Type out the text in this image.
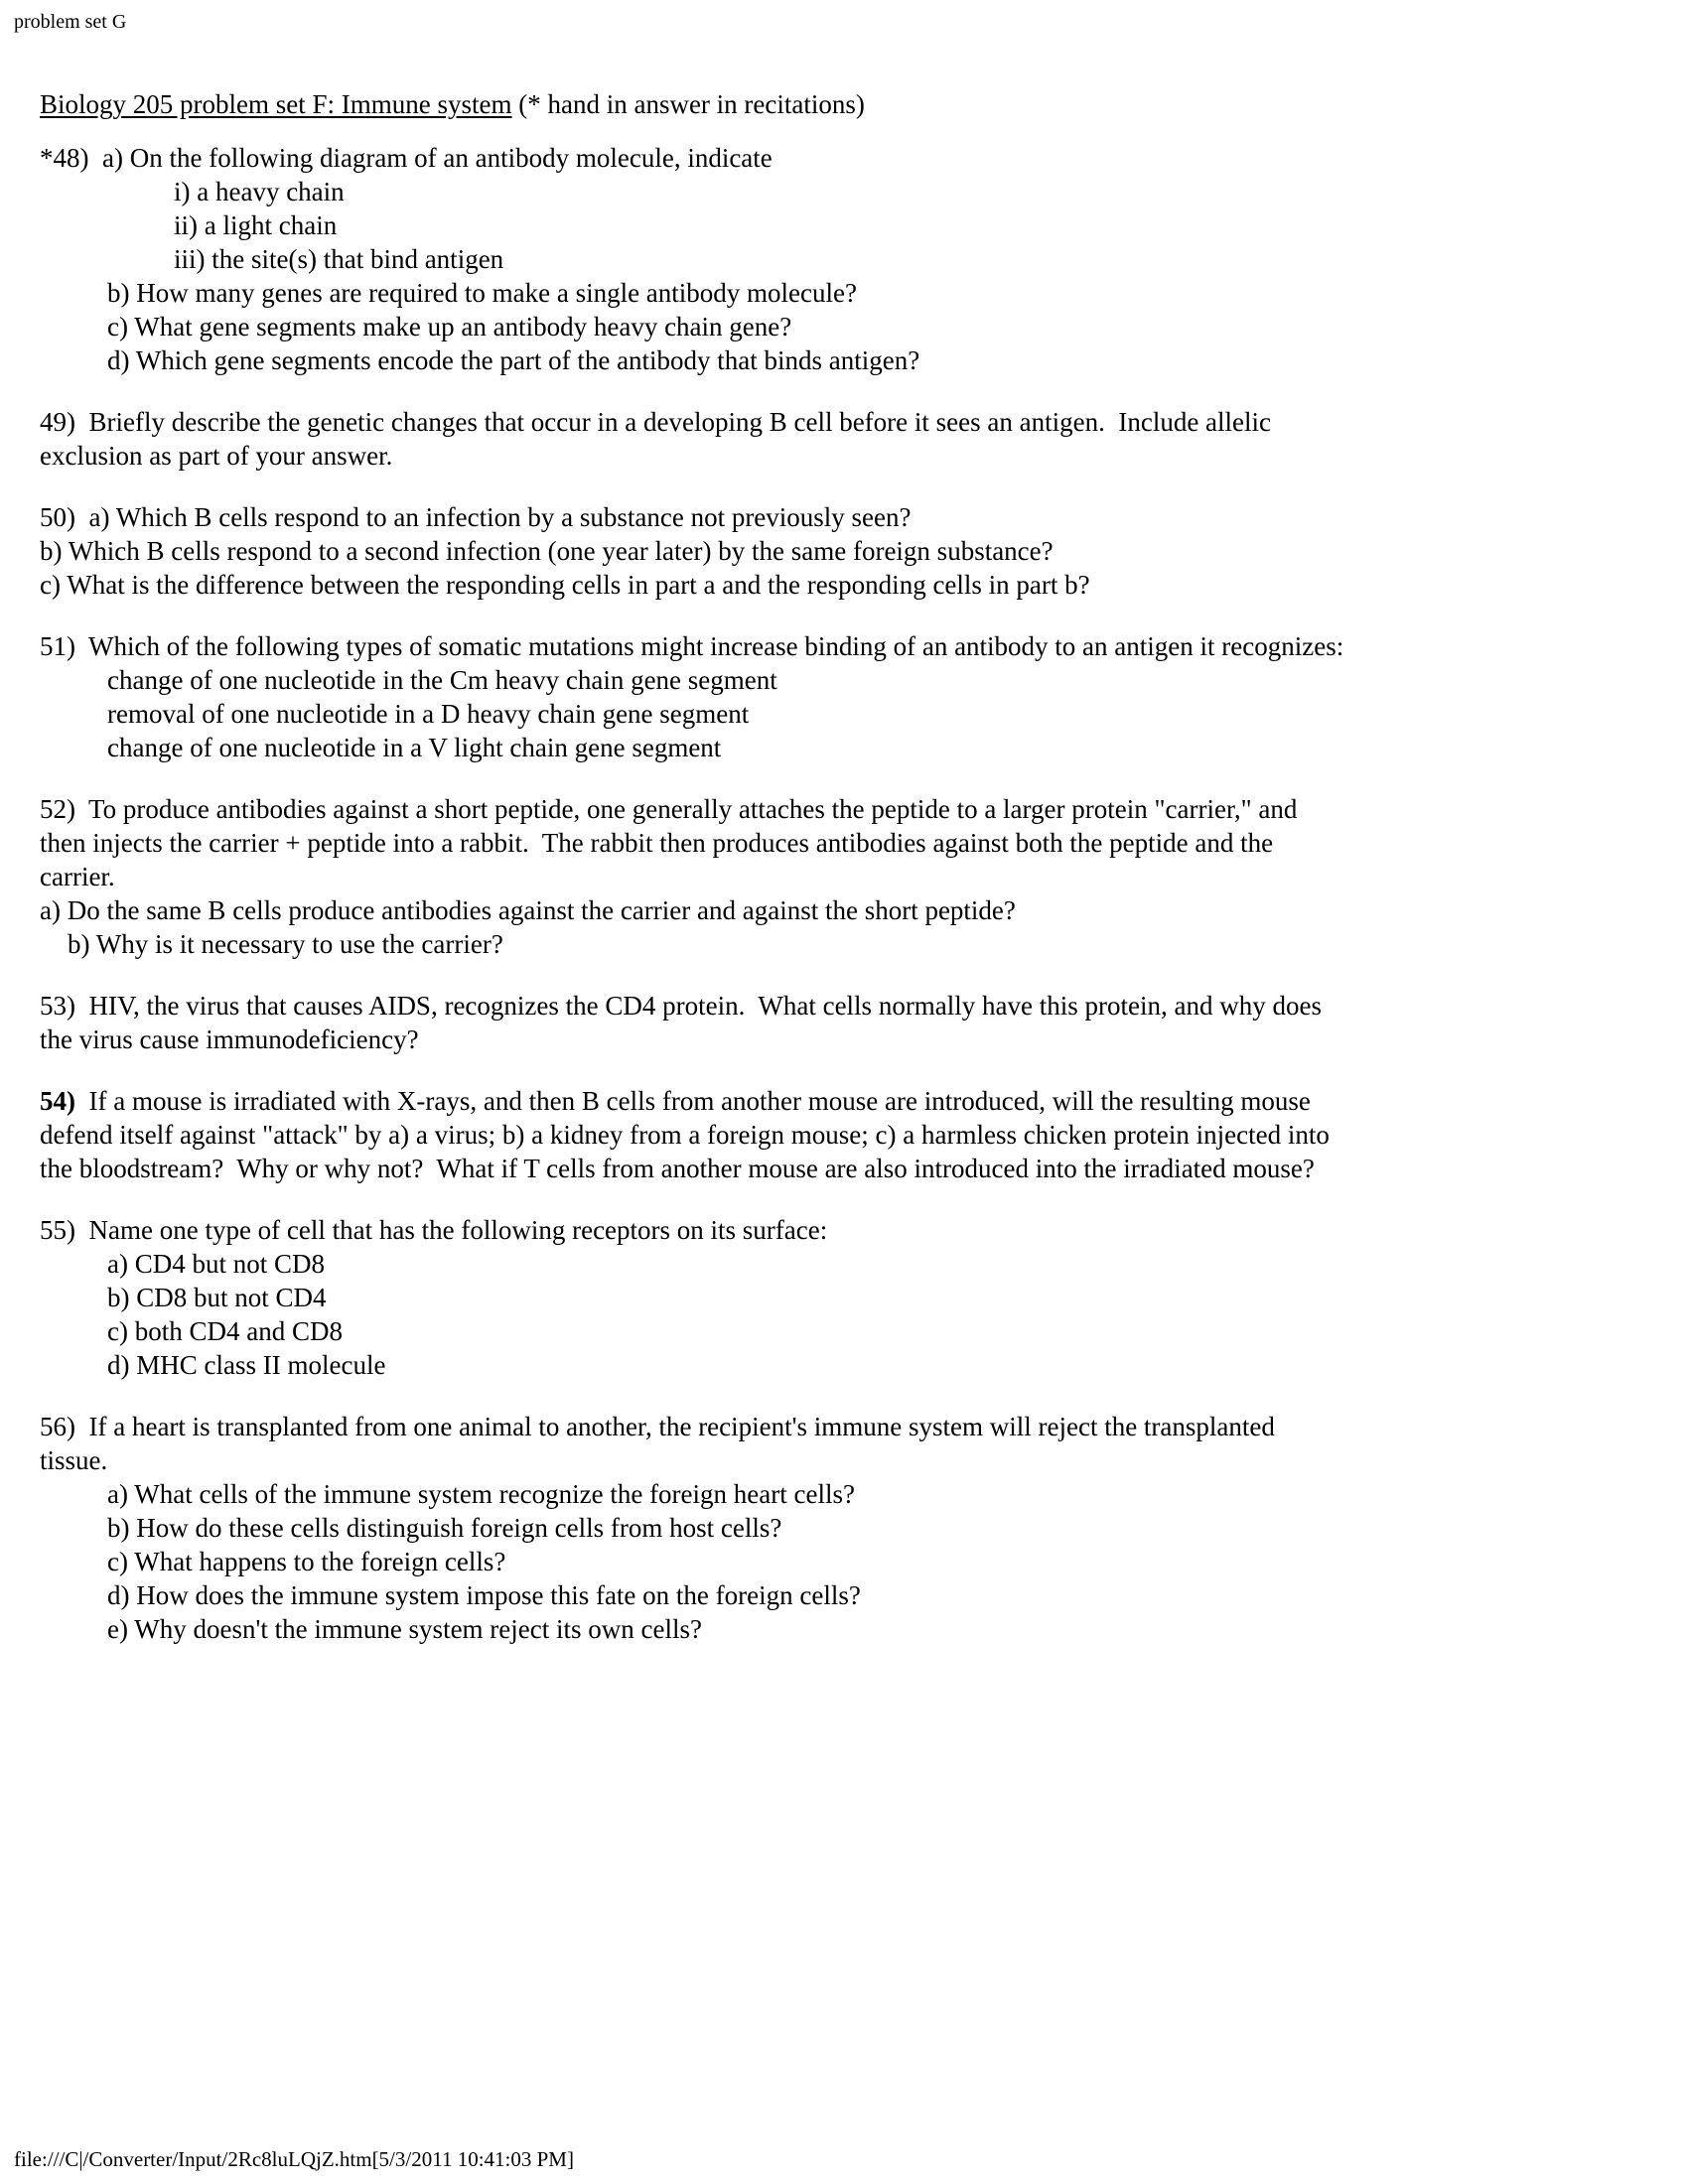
problem set G
Biology 205 problem set F: Immune system (* hand in answer in recitations)
*48)  a) On the following diagram of an antibody molecule, indicate
i) a heavy chain
ii) a light chain
iii) the site(s) that bind antigen
b) How many genes are required to make a single antibody molecule?
c) What gene segments make up an antibody heavy chain gene?
d) Which gene segments encode the part of the antibody that binds antigen?
49)  Briefly describe the genetic changes that occur in a developing B cell before it sees an antigen.  Include allelic
exclusion as part of your answer.
50)  a) Which B cells respond to an infection by a substance not previously seen?
b) Which B cells respond to a second infection (one year later) by the same foreign substance?
c) What is the difference between the responding cells in part a and the responding cells in part b?
51)  Which of the following types of somatic mutations might increase binding of an antibody to an antigen it recognizes:
change of one nucleotide in the Cm heavy chain gene segment
removal of one nucleotide in a D heavy chain gene segment
change of one nucleotide in a V light chain gene segment
52)  To produce antibodies against a short peptide, one generally attaches the peptide to a larger protein "carrier," and
then injects the carrier + peptide into a rabbit.  The rabbit then produces antibodies against both the peptide and the
carrier.
a) Do the same B cells produce antibodies against the carrier and against the short peptide?
b) Why is it necessary to use the carrier?
53)  HIV, the virus that causes AIDS, recognizes the CD4 protein.  What cells normally have this protein, and why does
the virus cause immunodeficiency?
54)  If a mouse is irradiated with X-rays, and then B cells from another mouse are introduced, will the resulting mouse
defend itself against "attack" by a) a virus; b) a kidney from a foreign mouse; c) a harmless chicken protein injected into
the bloodstream?  Why or why not?  What if T cells from another mouse are also introduced into the irradiated mouse?
55)  Name one type of cell that has the following receptors on its surface:
a) CD4 but not CD8
b) CD8 but not CD4
c) both CD4 and CD8
d) MHC class II molecule
56)  If a heart is transplanted from one animal to another, the recipient's immune system will reject the transplanted
tissue.
a) What cells of the immune system recognize the foreign heart cells?
b) How do these cells distinguish foreign cells from host cells?
c) What happens to the foreign cells?
d) How does the immune system impose this fate on the foreign cells?
e) Why doesn't the immune system reject its own cells?
file:///C|/Converter/Input/2Rc8luLQjZ.htm[5/3/2011 10:41:03 PM]
